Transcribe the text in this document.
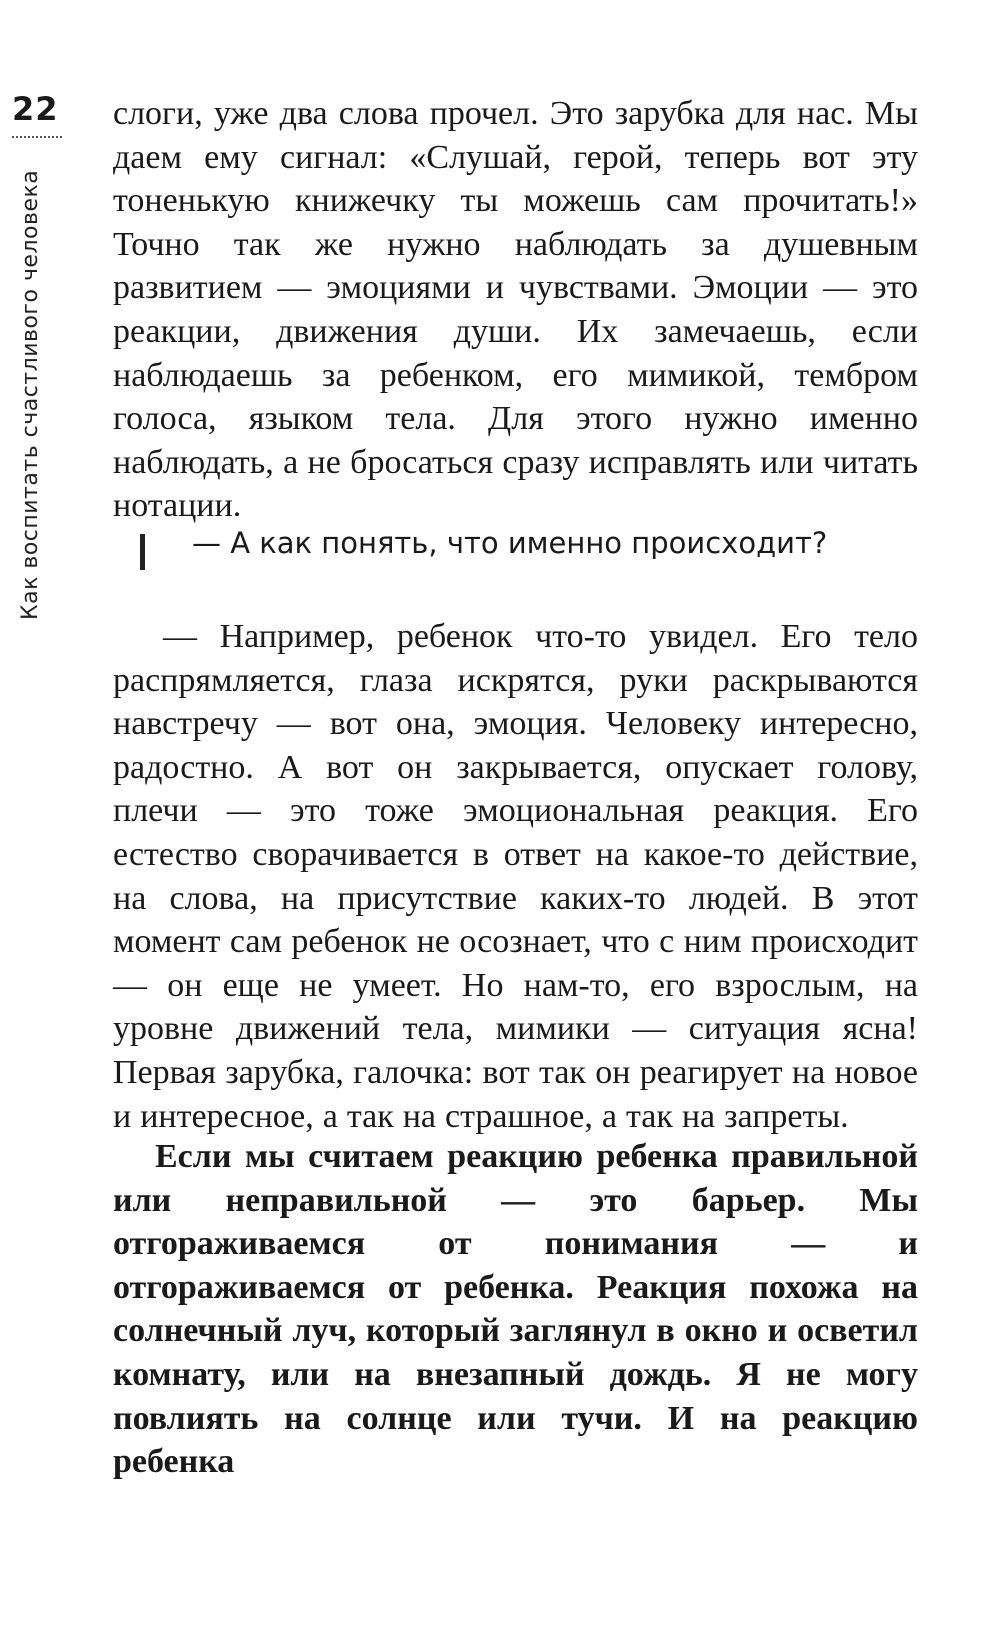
22
Как воспитать счастливого человека

слоги, уже два слова прочел. Это зарубка для нас. Мы даем ему сигнал: «Слушай, герой, теперь вот эту тоненькую книжечку ты можешь сам прочитать!» Точно так же нужно наблюдать за душевным развитием — эмоциями и чувствами. Эмоции — это реакции, движения души. Их замечаешь, если наблюдаешь за ребенком, его мимикой, тембром голоса, языком тела. Для этого нужно именно наблюдать, а не бросаться сразу исправлять или читать нотации.

— А как понять, что именно происходит?

— Например, ребенок что-то увидел. Его тело распрямляется, глаза искрятся, руки раскрываются навстречу — вот она, эмоция. Человеку интересно, радостно. А вот он закрывается, опускает голову, плечи — это тоже эмоциональная реакция. Его естество сворачивается в ответ на какое-то действие, на слова, на присутствие каких-то людей. В этот момент сам ребенок не осознает, что с ним происходит — он еще не умеет. Но нам-то, его взрослым, на уровне движений тела, мимики — ситуация ясна! Первая зарубка, галочка: вот так он реагирует на новое и интересное, а так на страшное, а так на запреты.

Если мы считаем реакцию ребенка правильной или неправильной — это барьер. Мы отгораживаемся от понимания — и отгораживаемся от ребенка. Реакция похожа на солнечный луч, который заглянул в окно и осветил комнату, или на внезапный дождь. Я не могу повлиять на солнце или тучи. И на реакцию ребенка
